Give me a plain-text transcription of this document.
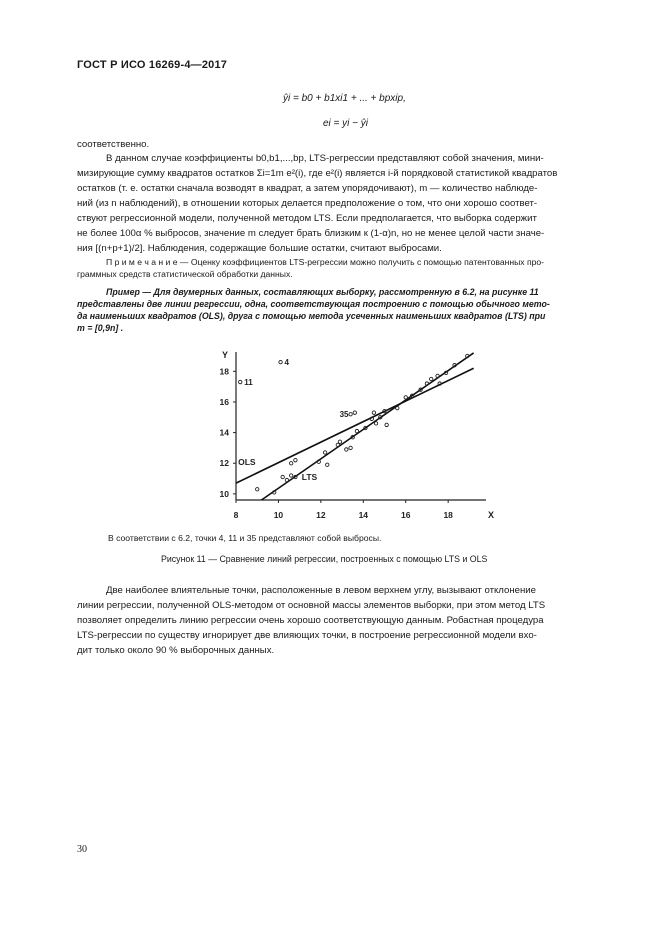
ГОСТ Р ИСО 16269-4—2017
ŷi = b0 + b1xi1 + ... + bpxip,
ei = yi − ŷi
соответственно.
В данном случае коэффициенты b0,b1,...,bp, LTS-регрессии представляют собой значения, мини-
мизирующие сумму квадратов остатков Σi=1m e²(i), где e²(i) является i-й порядковой статистикой квадратов
остатков (т. е. остатки сначала возводят в квадрат, а затем упорядочивают), m — количество наблюде-
ний (из n наблюдений), в отношении которых делается предположение о том, что они хорошо соответ-
ствуют регрессионной модели, полученной методом LTS. Если предполагается, что выборка содержит
не более 100α % выбросов, значение m следует брать близким к (1-α)n, но не менее целой части значе-
ния [(n+p+1)/2]. Наблюдения, содержащие большие остатки, считают выбросами.
П р и м е ч а н и е — Оценку коэффициентов LTS-регрессии можно получить с помощью патентованных про-
граммных средств статистической обработки данных.
Пример — Для двумерных данных, составляющих выборку, рассмотренную в 6.2, на рисунке 11
представлены две линии регрессии, одна, соответствующая построению с помощью обычного мето-
да наименьших квадратов (OLS), друга с помощью метода усеченных наименьших квадратов (LTS) при
m = [0,9n] .
X
Y
8	10	12	14	16	18
10
12
14
16
18
OLS
LTS
4
11
35
В соответствии с 6.2, точки 4, 11 и 35 представляют собой выбросы.
Рисунок 11 — Сравнение линий регрессии, построенных с помощью LTS и OLS
Две наиболее влиятельные точки, расположенные в левом верхнем углу, вызывают отклонение
линии регрессии, полученной OLS-методом от основной массы элементов выборки, при этом метод LTS
позволяет определить линию регрессии очень хорошо соответствующую данным. Робастная процедура
LTS-регрессии по существу игнорирует две влияющих точки, в построение регрессионной модели вхо-
дит только около 90 % выборочных данных.
30
